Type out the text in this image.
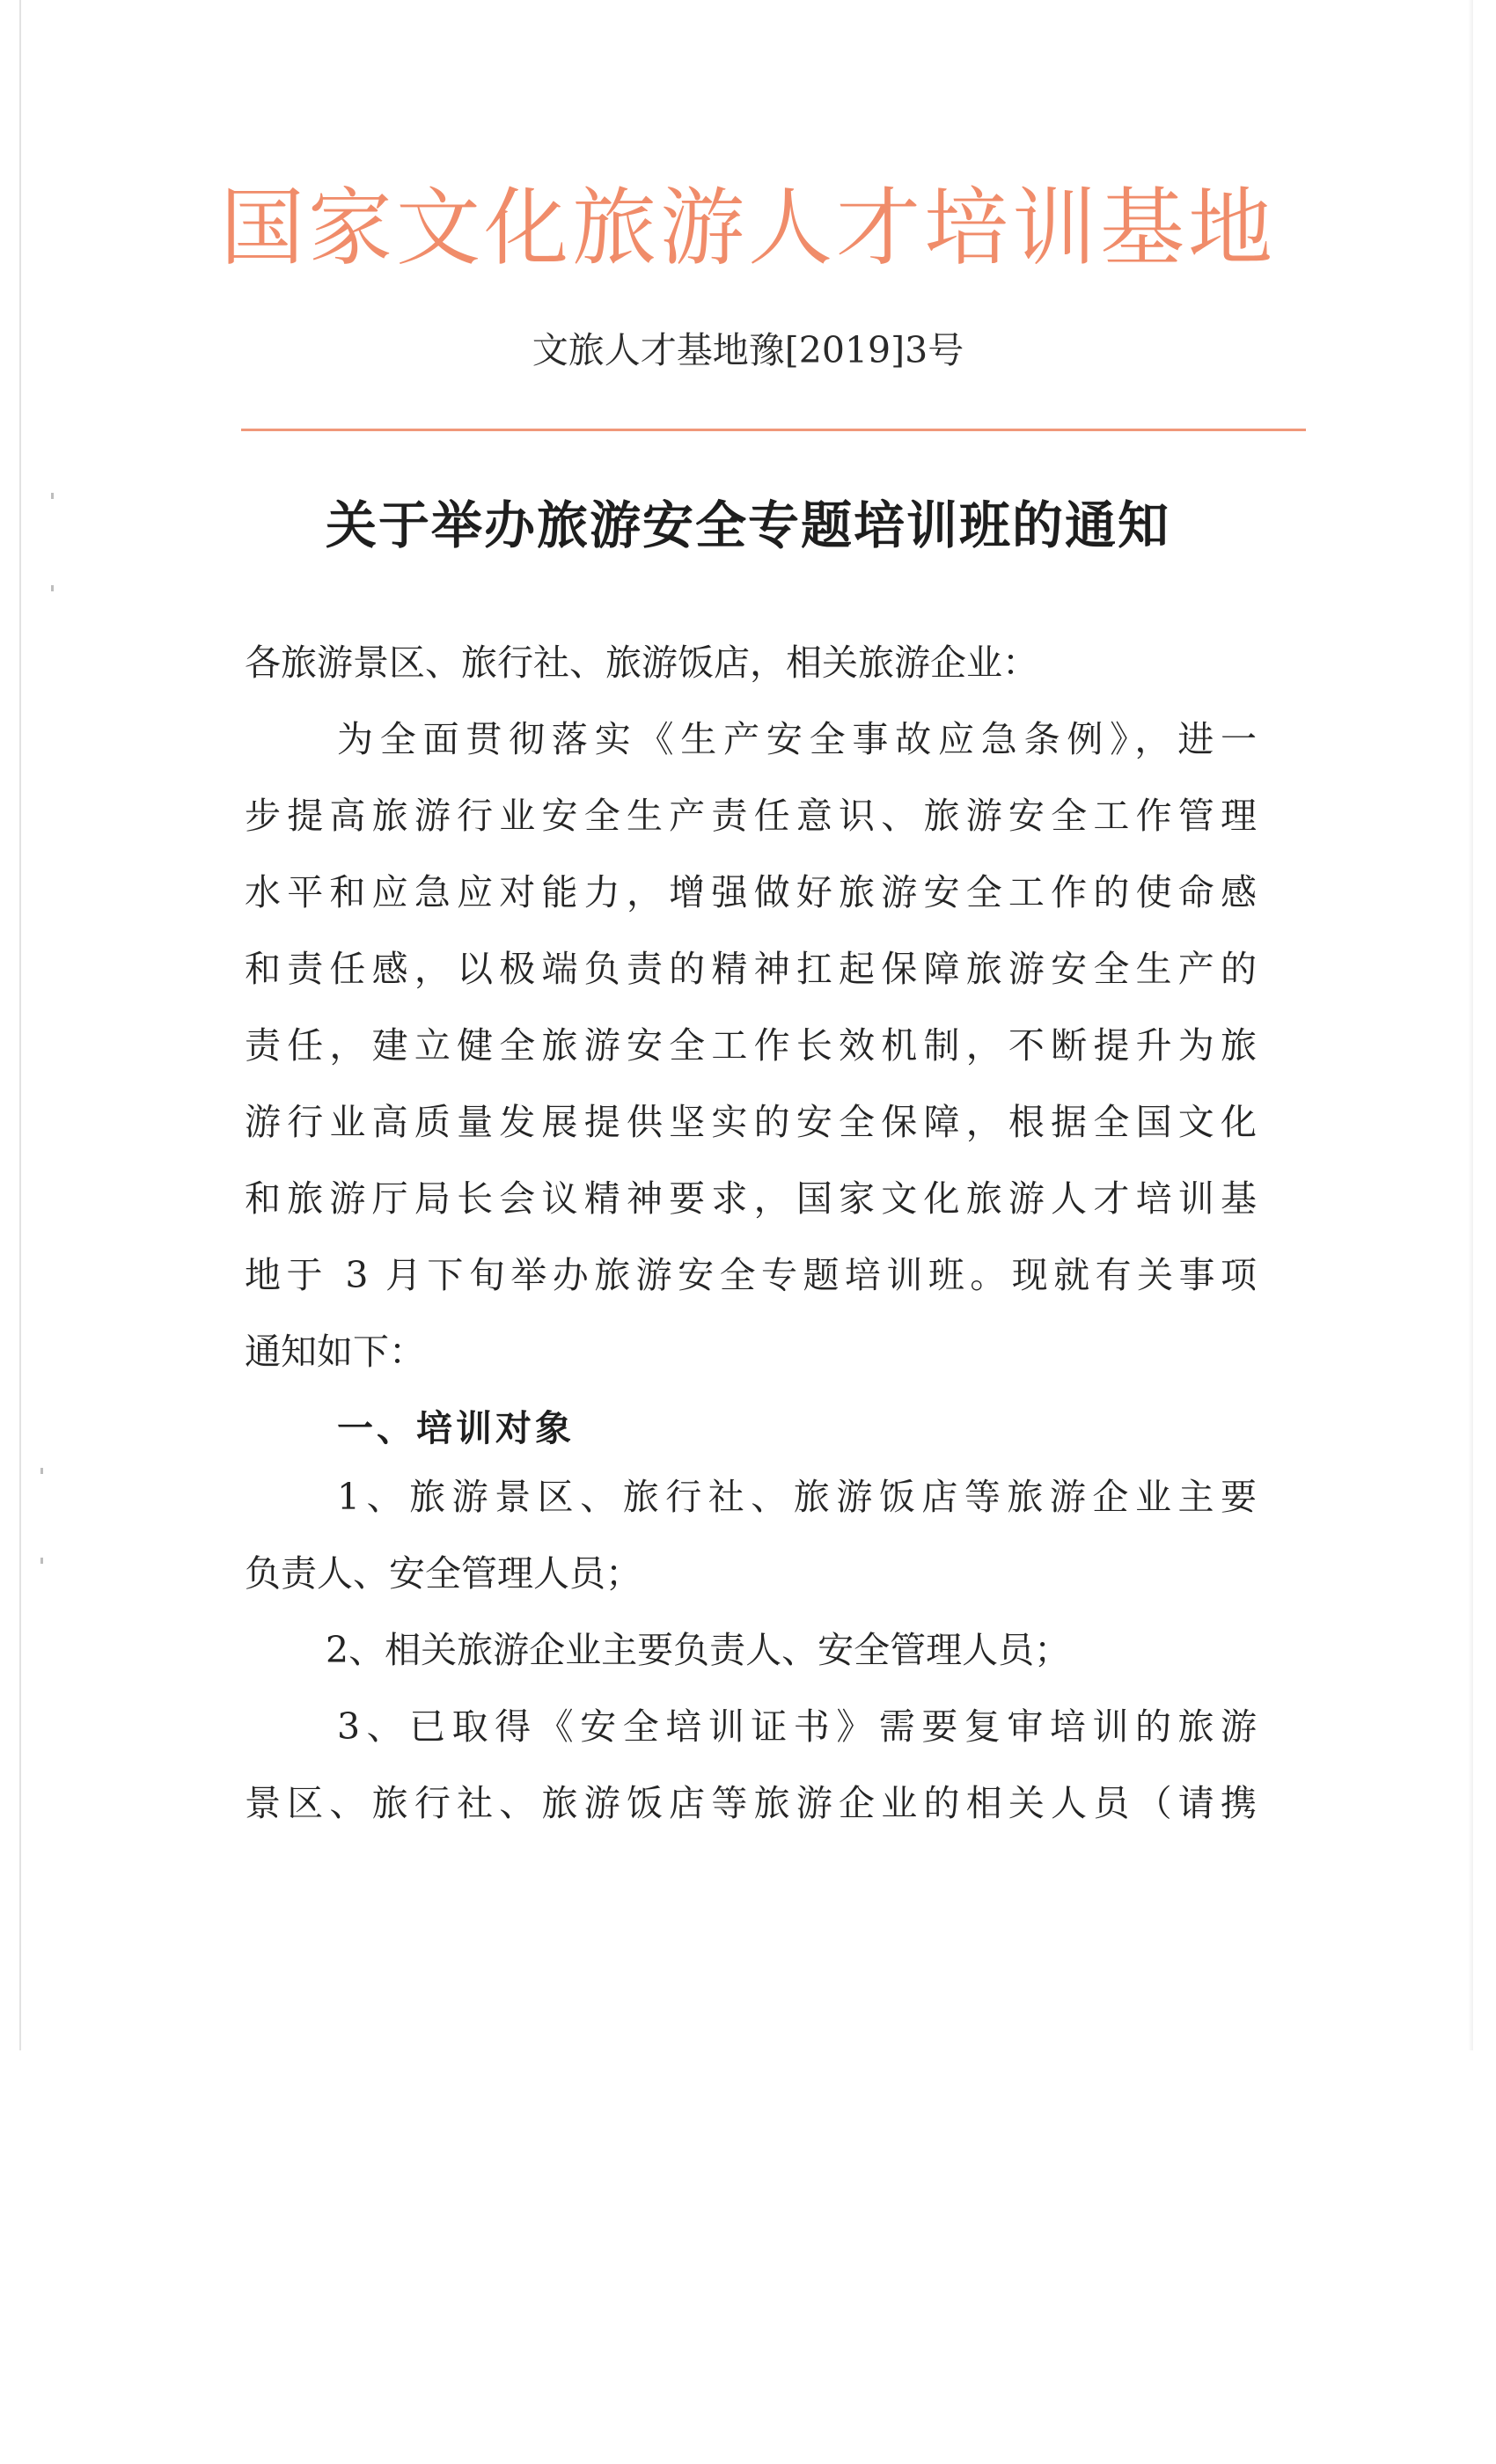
国家文化旅游人才培训基地
文旅人才基地豫[2019]3号
关于举办旅游安全专题培训班的通知
各旅游景区、旅行社、旅游饭店，相关旅游企业：
为全面贯彻落实《生产安全事故应急条例》，进一
步提高旅游行业安全生产责任意识、旅游安全工作管理
水平和应急应对能力，增强做好旅游安全工作的使命感
和责任感，以极端负责的精神扛起保障旅游安全生产的
责任，建立健全旅游安全工作长效机制，不断提升为旅
游行业高质量发展提供坚实的安全保障，根据全国文化
和旅游厅局长会议精神要求，国家文化旅游人才培训基
地于 3 月下旬举办旅游安全专题培训班。现就有关事项
通知如下：
一、培训对象
1、旅游景区、旅行社、旅游饭店等旅游企业主要
负责人、安全管理人员；
2、相关旅游企业主要负责人、安全管理人员；
3、已取得《安全培训证书》需要复审培训的旅游
景区、旅行社、旅游饭店等旅游企业的相关人员（请携
